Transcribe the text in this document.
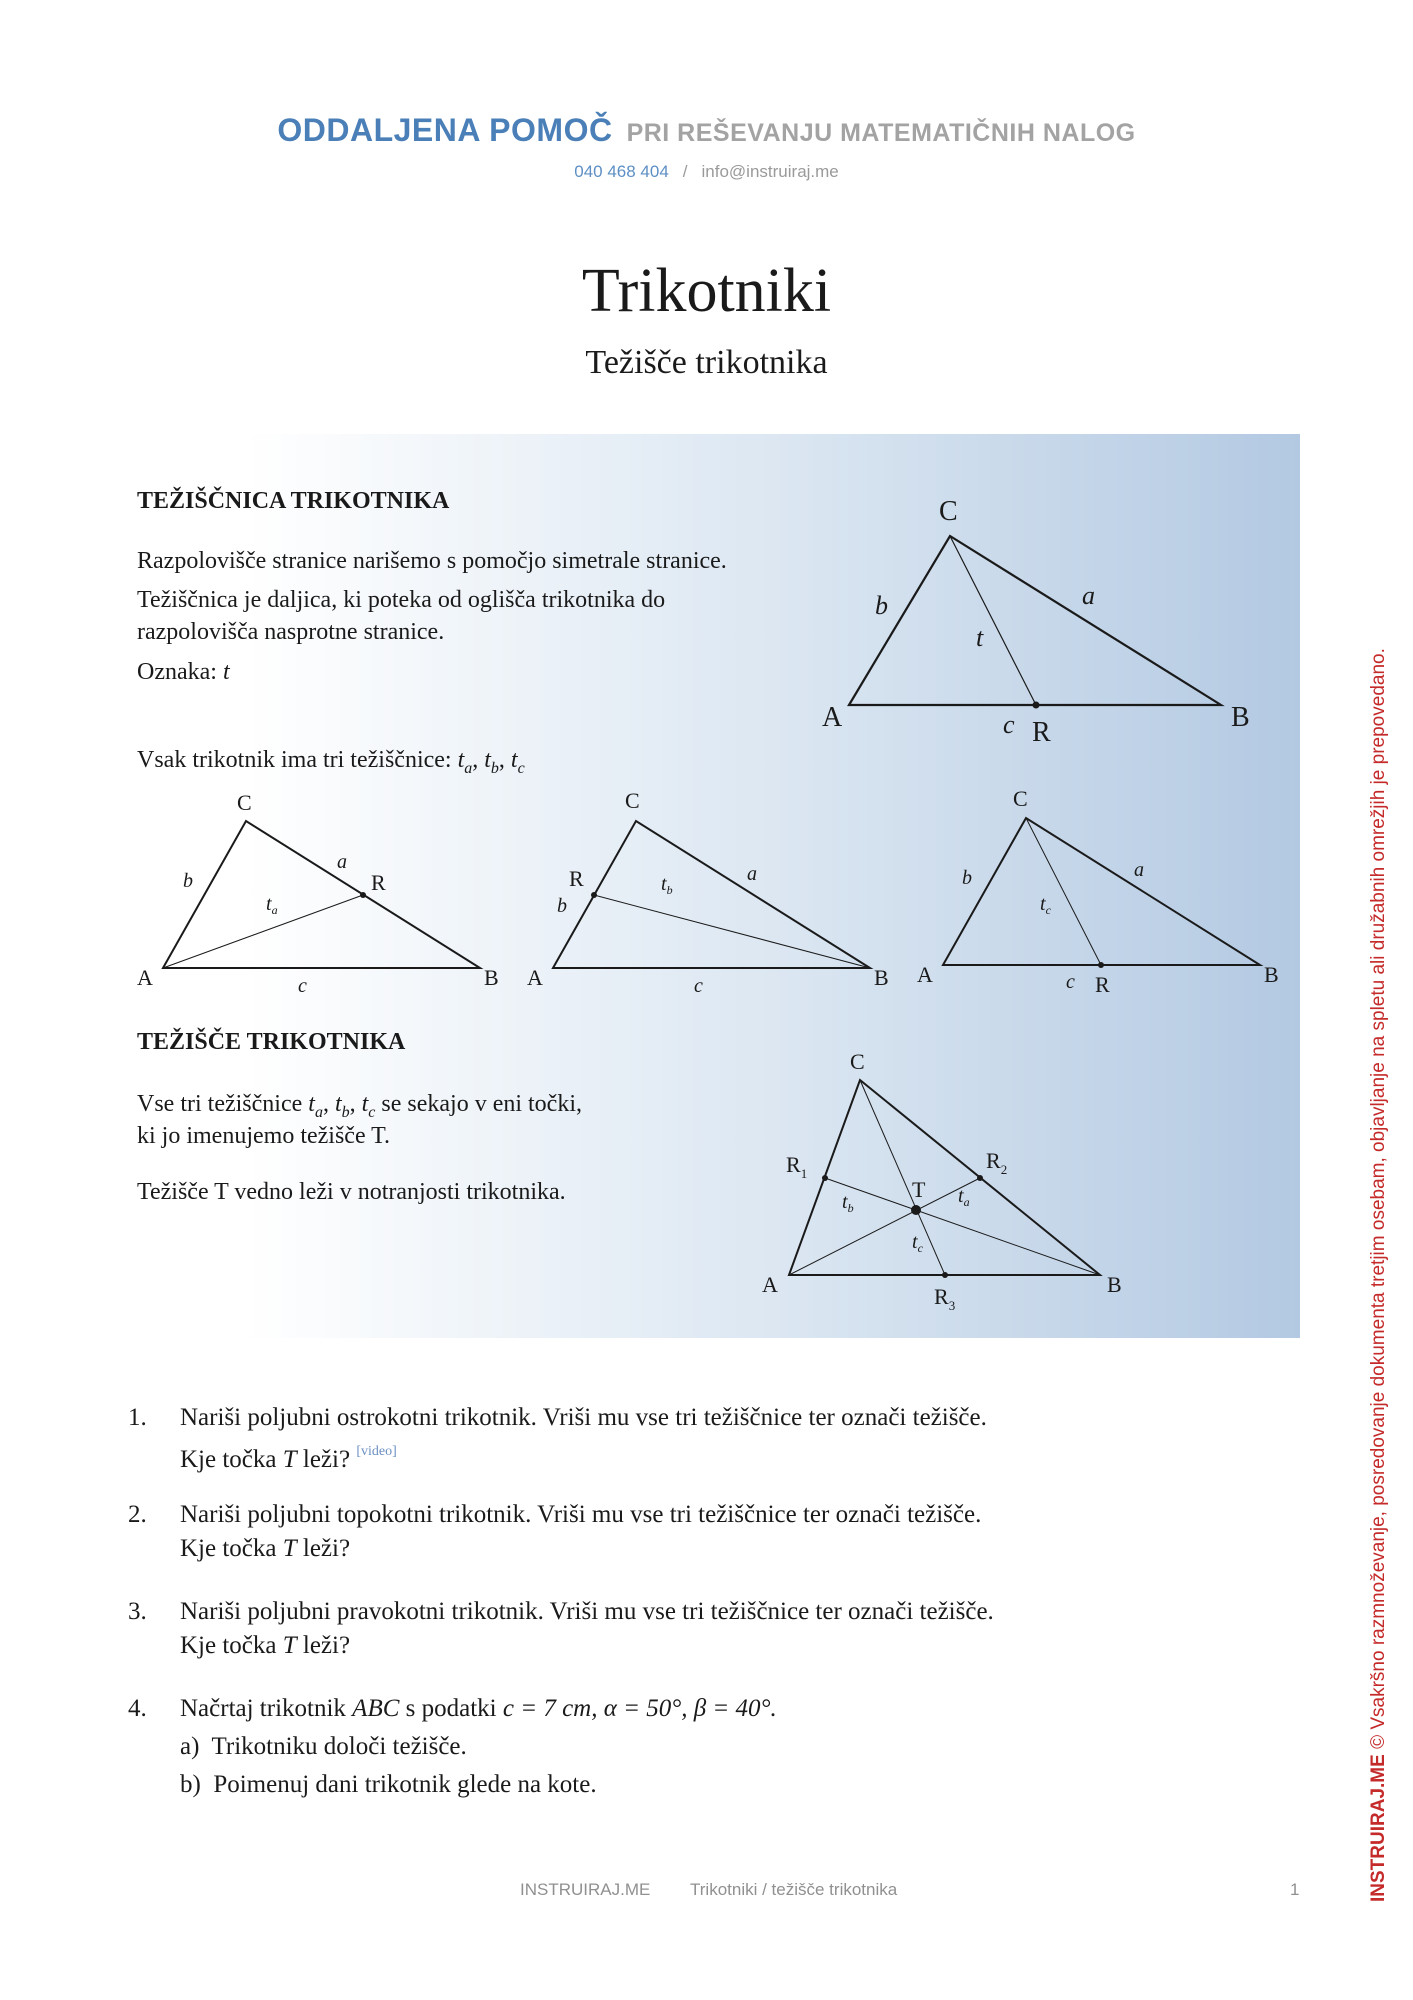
ODDALJENA POMOČ PRI REŠEVANJU MATEMATIČNIH NALOG
040 468 404 / info@instruiraj.me
Trikotniki
Težišče trikotnika
TEŽIŠČNICA TRIKOTNIKA
Razpolovišče stranice narišemo s pomočjo simetrale stranice.
Težiščnica je daljica, ki poteka od oglišča trikotnika do
razpolovišča nasprotne stranice.
Oznaka: t
Vsak trikotnik ima tri težiščnice: $t_a$, $t_b$, $t_c$
TEŽIŠČE TRIKOTNIKA
Vse tri težiščnice $t_a$, $t_b$, $t_c$ se sekajo v eni točki,
ki jo imenujemo težišče T.
Težišče T vedno leži v notranjosti trikotnika.
C
A	B
R
b	a
t
c
C
A	B
R
b
a
c
$t_a$
C
A	B
R
b
a
c
$t_b$
C
A	B
R
b	a
c
$t_c$
C
A	B
T
$R_1$
$R_2$
$R_3$
$t_b$
$t_a$
$t_c$
1. Nariši poljubni ostrokotni trikotnik. Vriši mu vse tri težiščnice ter označi težišče.
Kje točka T leži? [video]
2. Nariši poljubni topokotni trikotnik. Vriši mu vse tri težiščnice ter označi težišče.
Kje točka T leži?
3. Nariši poljubni pravokotni trikotnik. Vriši mu vse tri težiščnice ter označi težišče.
Kje točka T leži?
4. Načrtaj trikotnik ABC s podatki c = 7 cm, α = 50°, β = 40°.
a) Trikotniku določi težišče.
b) Poimenuj dani trikotnik glede na kote.
INSTRUIRAJ.ME Trikotniki / težišče trikotnika	1	INSTRUIRAJ.ME © Vsakršno razmnoževanje, posredovanje dokumenta tretjim osebam, objavljanje na spletu ali družabnih omrežjih je prepovedano.
